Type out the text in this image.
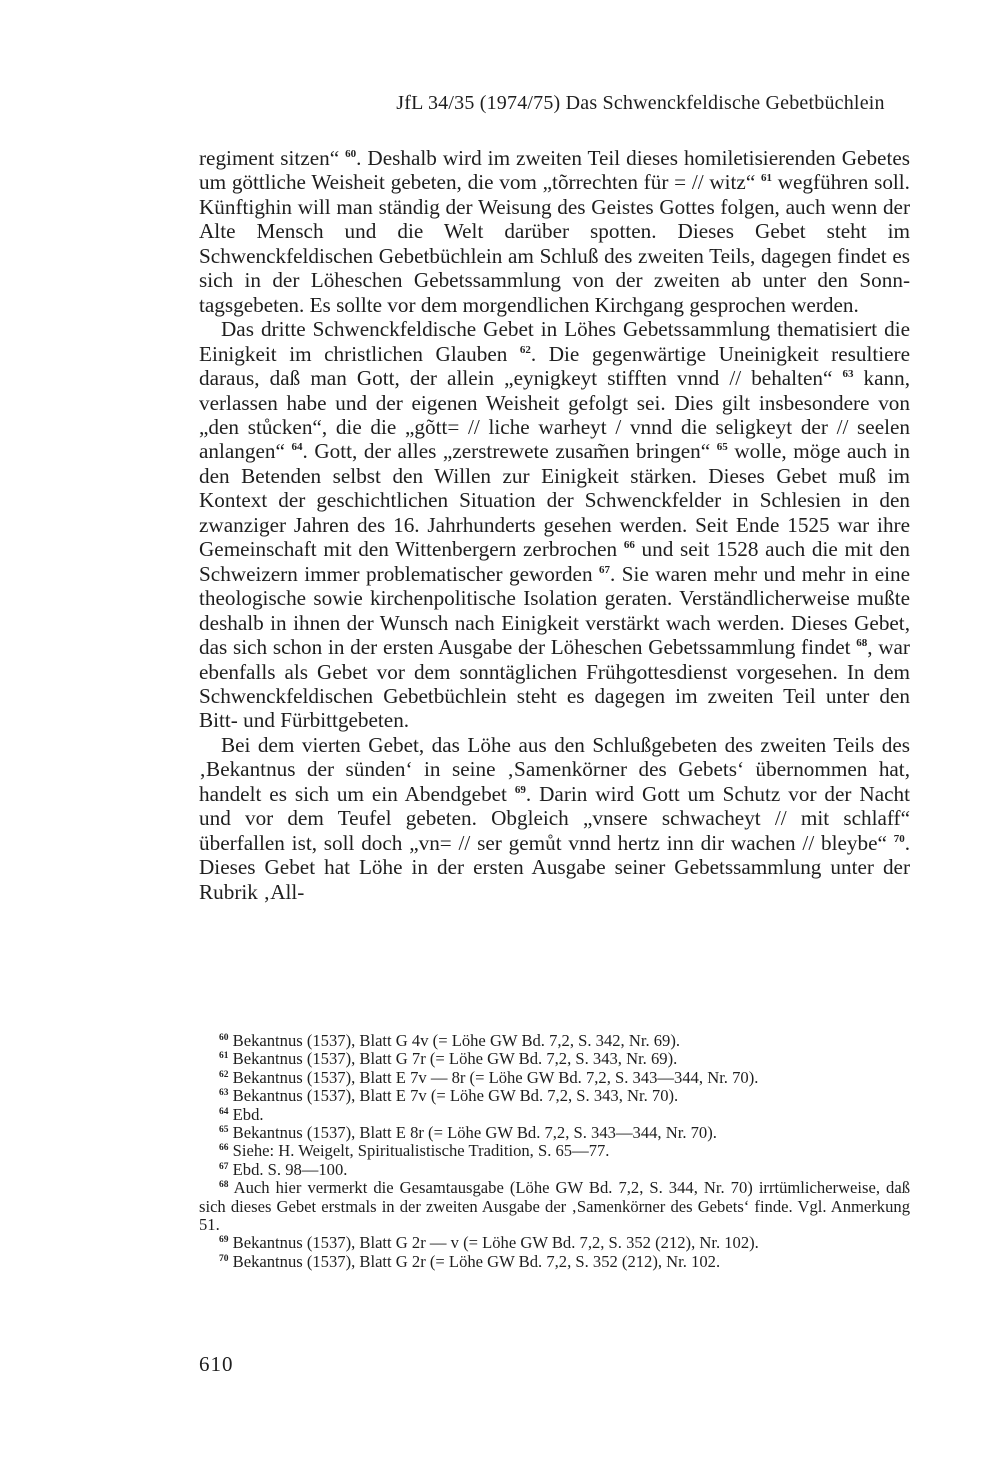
JfL 34/35 (1974/75) Das Schwenckfeldische Gebetbüchlein

regiment sitzen“ $^{60}$. Deshalb wird im zweiten Teil dieses homiletisierenden Gebetes um göttliche Weisheit gebeten, die vom „tõrrechten für = // witz“ $^{61}$ wegführen soll. Künftighin will man ständig der Weisung des Geistes Gottes folgen, auch wenn der Alte Mensch und die Welt darüber spotten. Dieses Gebet steht im Schwenckfeldischen Gebetbüchlein am Schluß des zweiten Teils, dagegen findet es sich in der Löheschen Gebetssammlung von der zweiten ab unter den Sonntagsgebeten. Es sollte vor dem morgendlichen Kirchgang gesprochen werden.

Das dritte Schwenckfeldische Gebet in Löhes Gebetssammlung thematisiert die Einigkeit im christlichen Glauben $^{62}$. Die gegenwärtige Uneinigkeit resultiere daraus, daß man Gott, der allein „eynigkeyt stifften vnnd // behalten“ $^{63}$ kann, verlassen habe und der eigenen Weisheit gefolgt sei. Dies gilt insbesondere von „den stůcken“, die die „gõtt= // liche warheyt / vnnd die seligkeyt der // seelen anlangen“ $^{64}$. Gott, der alles „zerstrewete zusam̃en bringen“ $^{65}$ wolle, möge auch in den Betenden selbst den Willen zur Einigkeit stärken. Dieses Gebet muß im Kontext der geschichtlichen Situation der Schwenckfelder in Schlesien in den zwanziger Jahren des 16. Jahrhunderts gesehen werden. Seit Ende 1525 war ihre Gemeinschaft mit den Wittenbergern zerbrochen $^{66}$ und seit 1528 auch die mit den Schweizern immer problematischer geworden $^{67}$. Sie waren mehr und mehr in eine theologische sowie kirchenpolitische Isolation geraten. Verständlicherweise mußte deshalb in ihnen der Wunsch nach Einigkeit verstärkt wach werden. Dieses Gebet, das sich schon in der ersten Ausgabe der Löheschen Gebetssammlung findet $^{68}$, war ebenfalls als Gebet vor dem sonntäglichen Frühgottesdienst vorgesehen. In dem Schwenckfeldischen Gebetbüchlein steht es dagegen im zweiten Teil unter den Bitt- und Fürbittgebeten.

Bei dem vierten Gebet, das Löhe aus den Schlußgebeten des zweiten Teils des ‚Bekantnus der sünden‘ in seine ‚Samenkörner des Gebets‘ übernommen hat, handelt es sich um ein Abendgebet $^{69}$. Darin wird Gott um Schutz vor der Nacht und vor dem Teufel gebeten. Obgleich „vnsere schwacheyt // mit schlaff“ überfallen ist, soll doch „vn= // ser gemůt vnnd hertz inn dir wachen // bleybe“ $^{70}$. Dieses Gebet hat Löhe in der ersten Ausgabe seiner Gebetssammlung unter der Rubrik ‚All-

$^{60}$ Bekantnus (1537), Blatt G 4v (= Löhe GW Bd. 7,2, S. 342, Nr. 69).
$^{61}$ Bekantnus (1537), Blatt G 7r (= Löhe GW Bd. 7,2, S. 343, Nr. 69).
$^{62}$ Bekantnus (1537), Blatt E 7v — 8r (= Löhe GW Bd. 7,2, S. 343—344, Nr. 70).
$^{63}$ Bekantnus (1537), Blatt E 7v (= Löhe GW Bd. 7,2, S. 343, Nr. 70).
$^{64}$ Ebd.
$^{65}$ Bekantnus (1537), Blatt E 8r (= Löhe GW Bd. 7,2, S. 343—344, Nr. 70).
$^{66}$ Siehe: H. Weigelt, Spiritualistische Tradition, S. 65—77.
$^{67}$ Ebd. S. 98—100.
$^{68}$ Auch hier vermerkt die Gesamtausgabe (Löhe GW Bd. 7,2, S. 344, Nr. 70) irrtümlicherweise, daß sich dieses Gebet erstmals in der zweiten Ausgabe der ‚Samenkörner des Gebets‘ finde. Vgl. Anmerkung 51.
$^{69}$ Bekantnus (1537), Blatt G 2r — v (= Löhe GW Bd. 7,2, S. 352 (212), Nr. 102).
$^{70}$ Bekantnus (1537), Blatt G 2r (= Löhe GW Bd. 7,2, S. 352 (212), Nr. 102.
610
